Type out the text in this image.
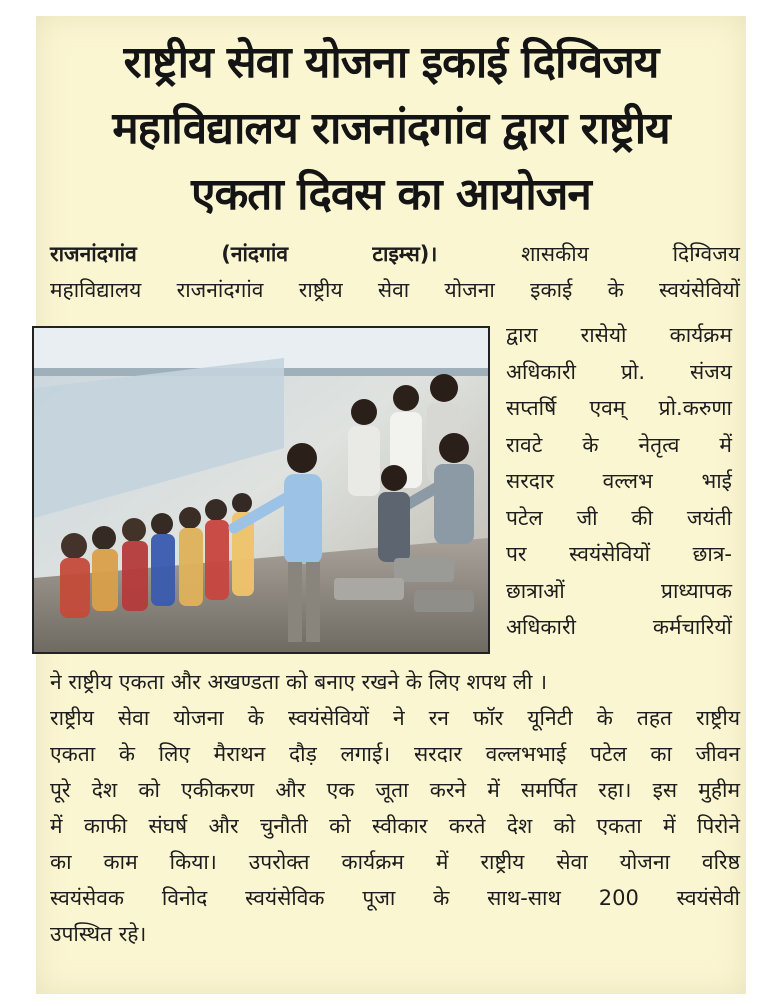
राष्ट्रीय सेवा योजना इकाई दिग्विजय
महाविद्यालय राजनांदगांव द्वारा राष्ट्रीय
एकता दिवस का आयोजन
राजनांदगांव (नांदगांव टाइम्स)।	शासकीय दिग्विजय
महाविद्यालय राजनांदगांव राष्ट्रीय सेवा योजना इकाई के स्वयंसेवियों
द्वारा रासेयो कार्यक्रम
अधिकारी प्रो. संजय
सप्तर्षि एवम् प्रो.करुणा
रावटे के नेतृत्व में
सरदार वल्लभ भाई
पटेल जी की जयंती
पर स्वयंसेवियों छात्र-
छात्राओं प्राध्यापक
अधिकारी कर्मचारियों
ने राष्ट्रीय एकता और अखण्डता को बनाए रखने के लिए शपथ ली ।
राष्ट्रीय सेवा योजना के स्वयंसेवियों ने रन फॉर यूनिटी के तहत राष्ट्रीय
एकता के लिए मैराथन दौड़ लगाई। सरदार वल्लभभाई पटेल का जीवन
पूरे देश को एकीकरण और एक जूता करने में समर्पित रहा। इस मुहीम
में काफी संघर्ष और चुनौती को स्वीकार करते देश को एकता में पिरोने
का काम किया। उपरोक्त कार्यक्रम में राष्ट्रीय सेवा योजना वरिष्ठ
स्वयंसेवक विनोद स्वयंसेविक पूजा के साथ-साथ 200 स्वयंसेवी
उपस्थित रहे।
